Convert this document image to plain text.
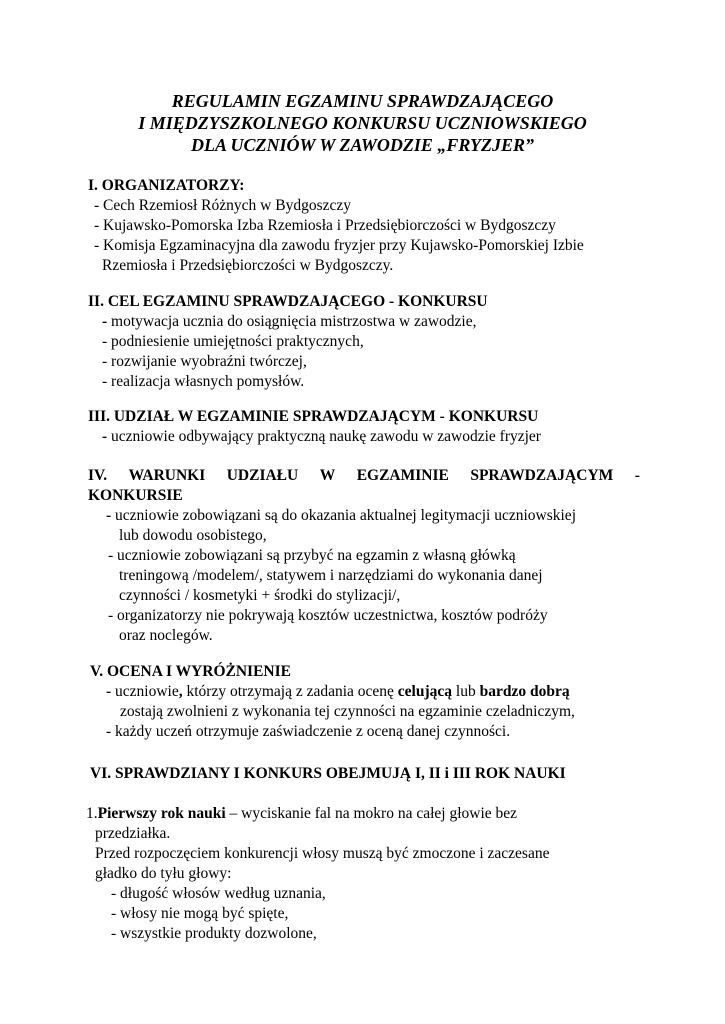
REGULAMIN EGZAMINU SPRAWDZAJĄCEGO
I MIĘDZYSZKOLNEGO KONKURSU UCZNIOWSKIEGO
DLA UCZNIÓW W ZAWODZIE „FRYZJER”
I. ORGANIZATORZY:
- Cech Rzemiosł Różnych w Bydgoszczy
- Kujawsko-Pomorska Izba Rzemiosła i Przedsiębiorczości w Bydgoszczy
- Komisja Egzaminacyjna dla zawodu fryzjer przy Kujawsko-Pomorskiej Izbie
Rzemiosła i Przedsiębiorczości w Bydgoszczy.
II. CEL EGZAMINU SPRAWDZAJĄCEGO - KONKURSU
- motywacja ucznia do osiągnięcia mistrzostwa w zawodzie,
- podniesienie umiejętności praktycznych,
- rozwijanie wyobraźni twórczej,
- realizacja własnych pomysłów.
III. UDZIAŁ W EGZAMINIE SPRAWDZAJĄCYM - KONKURSU
- uczniowie odbywający praktyczną naukę zawodu w zawodzie fryzjer
IV. WARUNKI UDZIAŁU W EGZAMINIE SPRAWDZAJĄCYM -
KONKURSIE
- uczniowie zobowiązani są do okazania aktualnej legitymacji uczniowskiej
lub dowodu osobistego,
- uczniowie zobowiązani są przybyć na egzamin z własną główką
treningową /modelem/, statywem i narzędziami do wykonania danej
czynności / kosmetyki + środki do stylizacji/,
- organizatorzy nie pokrywają kosztów uczestnictwa, kosztów podróży
oraz noclegów.
V. OCENA I WYRÓŻNIENIE
- uczniowie, którzy otrzymają z zadania ocenę celującą lub bardzo dobrą
zostają zwolnieni z wykonania tej czynności na egzaminie czeladniczym,
- każdy uczeń otrzymuje zaświadczenie z oceną danej czynności.
VI. SPRAWDZIANY I KONKURS OBEJMUJĄ I, II i III ROK NAUKI
1.Pierwszy rok nauki – wyciskanie fal na mokro na całej głowie bez
przedziałka.
Przed rozpoczęciem konkurencji włosy muszą być zmoczone i zaczesane
gładko do tyłu głowy:
- długość włosów według uznania,
- włosy nie mogą być spięte,
- wszystkie produkty dozwolone,
